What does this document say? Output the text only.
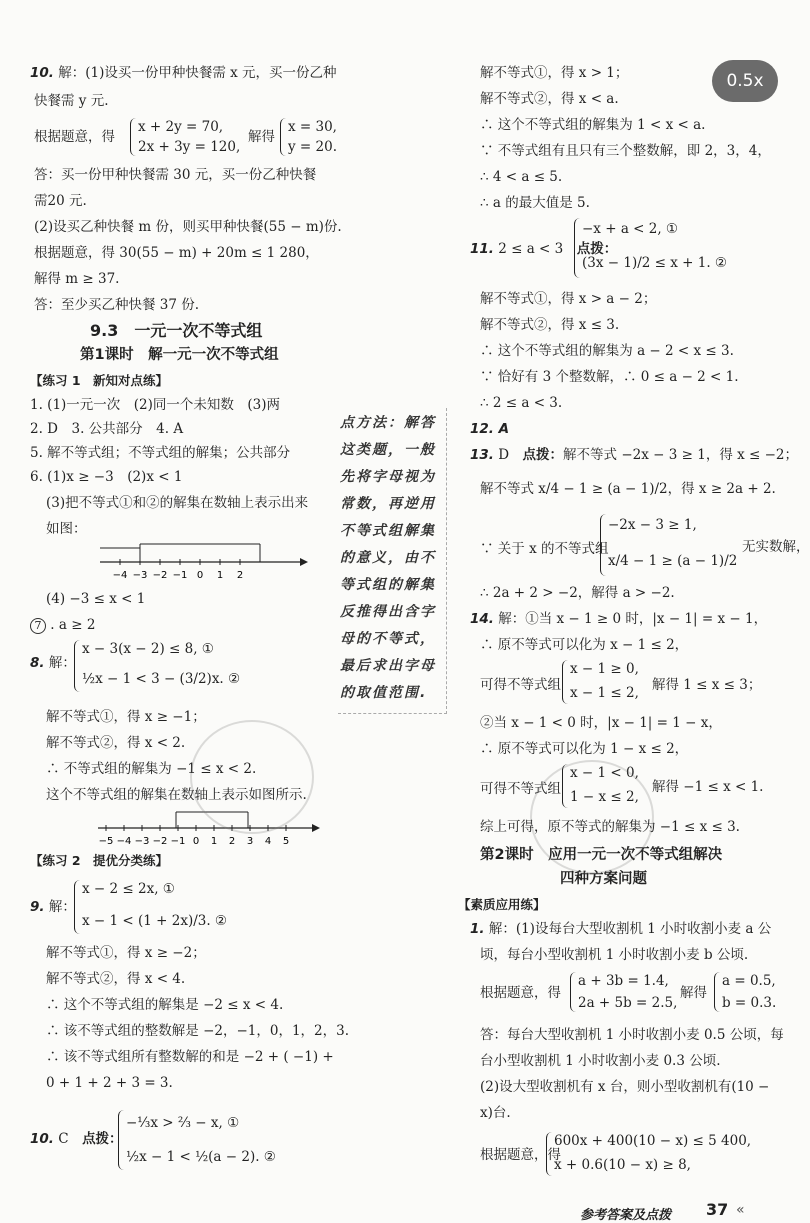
0.5x
10. 解：(1)设买一份甲种快餐需 x 元，买一份乙种
快餐需 y 元.
根据题意，得
x + 2y = 70,
2x + 3y = 120,
解得
x = 30,
y = 20.
答：买一份甲种快餐需 30 元，买一份乙种快餐
需20 元.
(2)设买乙种快餐 m 份，则买甲种快餐(55 − m)份.
根据题意，得 30(55 − m) + 20m ≤ 1 280，
解得 m ≥ 37.
答：至少买乙种快餐 37 份.
9.3　一元一次不等式组
第1课时　解一元一次不等式组
【练习 1　新知对点练】
1. (1)一元一次　(2)同一个未知数　(3)两
2. D　3. 公共部分　4. A
5. 解不等式组；不等式组的解集；公共部分
6. (1)x ≥ −3　(2)x < 1
(3)把不等式①和②的解集在数轴上表示出来
如图：
−4 −3 −2 −1 0 1 2
(4) −3 ≤ x < 1
7 . a ≥ 2
8. 解：
x − 3(x − 2) ≤ 8, ①
½x − 1 < 3 − (3/2)x. ②
解不等式①，得 x ≥ −1；
解不等式②，得 x < 2.
∴ 不等式组的解集为 −1 ≤ x < 2.
这个不等式组的解集在数轴上表示如图所示.
−5 −4 −3 −2 −1 0 1 2 3 4 5
【练习 2　提优分类练】
9. 解：
x − 2 ≤ 2x, ①
x − 1 < (1 + 2x)/3. ②
解不等式①，得 x ≥ −2；
解不等式②，得 x < 4.
∴ 这个不等式组的解集是 −2 ≤ x < 4.
∴ 该不等式组的整数解是 −2，−1，0，1，2，3.
∴ 该不等式组所有整数解的和是 −2 + ( −1) +
0 + 1 + 2 + 3 = 3.
10. C　 点拨：
−⅓x > ⅔ − x, ①
½x − 1 < ½(a − 2). ②
点方法：解答这类题，一般先将字母视为常数，再逆用不等式组解集的意义，由不等式组的解集反推得出含字母的不等式，最后求出字母的取值范围.
解不等式①，得 x > 1；
解不等式②，得 x < a.
∴ 这个不等式组的解集为 1 < x < a.
∵ 不等式组有且只有三个整数解，即 2，3，4，
∴ 4 < a ≤ 5.
∴ a 的最大值是 5.
11. 2 ≤ a < 3　 点拨：
−x + a < 2, ①
(3x − 1)/2 ≤ x + 1. ②
解不等式①，得 x > a − 2；
解不等式②，得 x ≤ 3.
∴ 这个不等式组的解集为 a − 2 < x ≤ 3.
∵ 恰好有 3 个整数解，∴ 0 ≤ a − 2 < 1.
∴ 2 ≤ a < 3.
12. A
13. D　 点拨：解不等式 −2x − 3 ≥ 1，得 x ≤ −2；
解不等式 x/4 − 1 ≥ (a − 1)/2，得 x ≥ 2a + 2.
∵ 关于 x 的不等式组
−2x − 3 ≥ 1,
x/4 − 1 ≥ (a − 1)/2
无实数解，
∴ 2a + 2 > −2，解得 a > −2.
14. 解：①当 x − 1 ≥ 0 时，|x − 1| = x − 1，
∴ 原不等式可以化为 x − 1 ≤ 2，
可得不等式组
x − 1 ≥ 0,
x − 1 ≤ 2, 解得 1 ≤ x ≤ 3；
②当 x − 1 < 0 时，|x − 1| = 1 − x，
∴ 原不等式可以化为 1 − x ≤ 2，
可得不等式组
x − 1 < 0,
1 − x ≤ 2,
解得 −1 ≤ x < 1.
综上可得，原不等式的解集为 −1 ≤ x ≤ 3.
第2课时　应用一元一次不等式组解决
四种方案问题
【素质应用练】
1. 解：(1)设每台大型收割机 1 小时收割小麦 a 公
顷，每台小型收割机 1 小时收割小麦 b 公顷.
根据题意，得
a + 3b = 1.4,
2a + 5b = 2.5,
解得
a = 0.5,
b = 0.3.
答：每台大型收割机 1 小时收割小麦 0.5 公顷，每
台小型收割机 1 小时收割小麦 0.3 公顷.
(2)设大型收割机有 x 台，则小型收割机有(10 −
x)台.
根据题意，得
600x + 400(10 − x) ≤ 5 400,
x + 0.6(10 − x) ≥ 8,
参考答案及点拨 37 «
